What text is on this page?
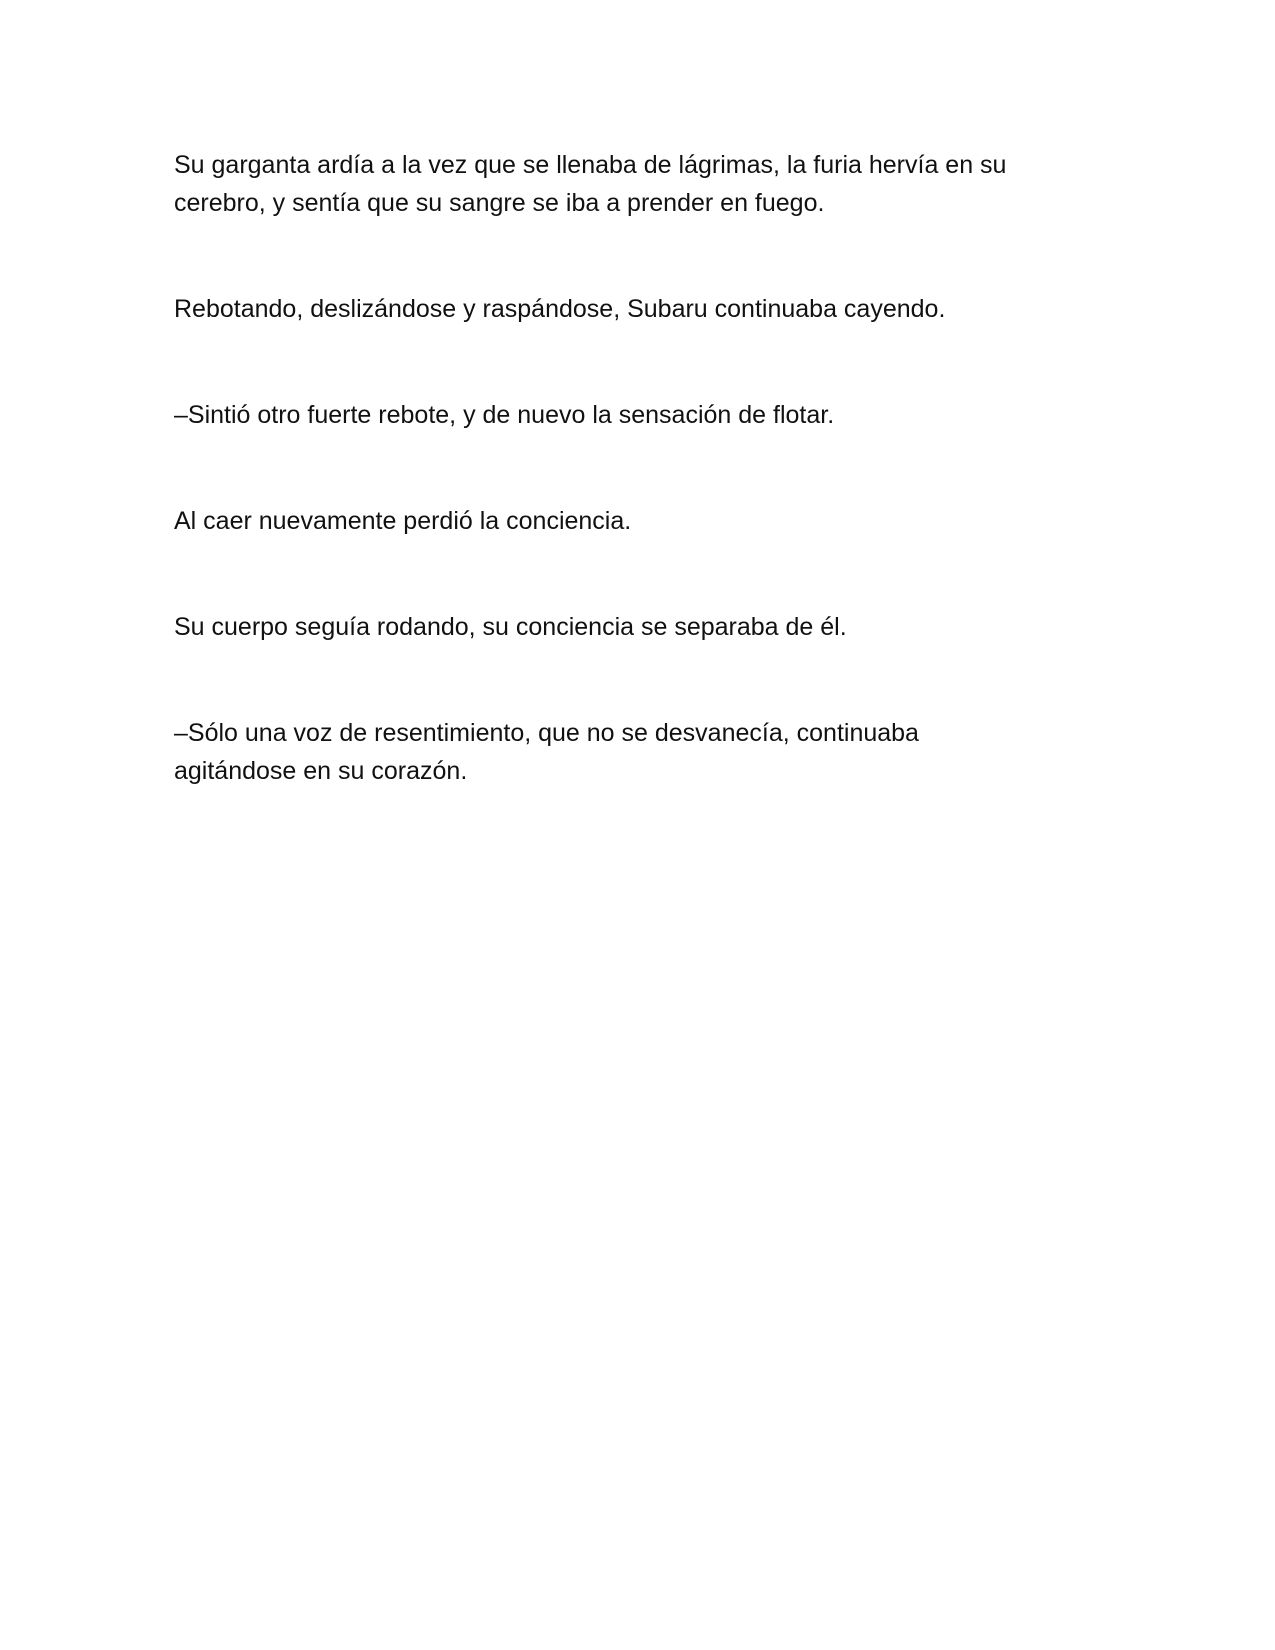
Su garganta ardía a la vez que se llenaba de lágrimas, la furia hervía en su
cerebro, y sentía que su sangre se iba a prender en fuego.

Rebotando, deslizándose y raspándose, Subaru continuaba cayendo.

–Sintió otro fuerte rebote, y de nuevo la sensación de flotar.

Al caer nuevamente perdió la conciencia.

Su cuerpo seguía rodando, su conciencia se separaba de él.

–Sólo una voz de resentimiento, que no se desvanecía, continuaba
agitándose en su corazón.
